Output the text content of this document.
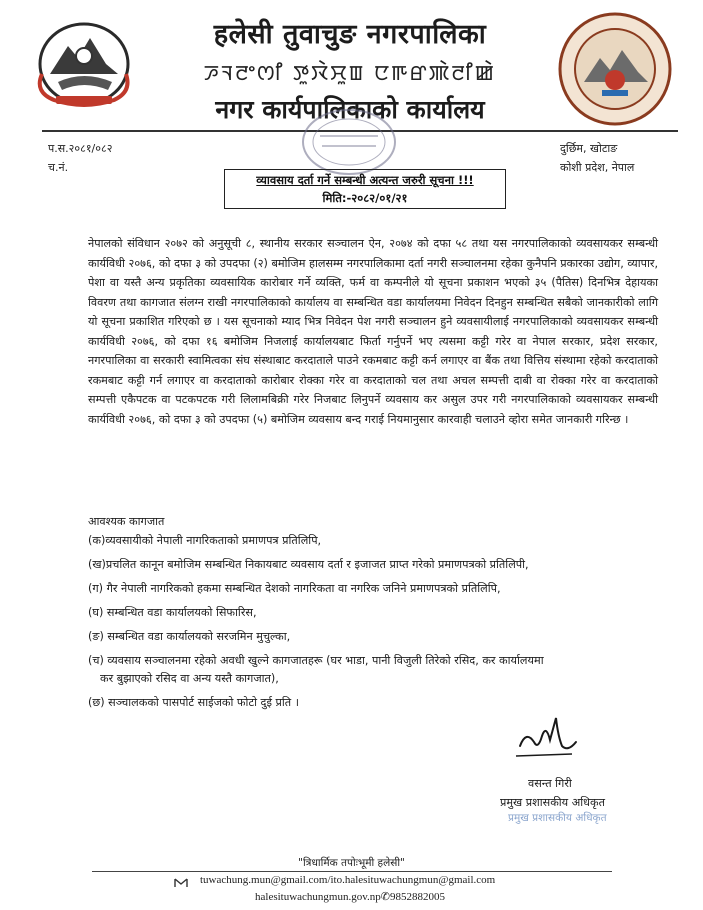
हलेसी तुवाचुङ नगरपालिका
ꯍꯜꯂꯦꯁꯤ ꯇꯨꯋꯥꯆꯨꯡ ꯅꯒꯔꯄꯥꯂꯤꯀꯥ
नगर कार्यपालिकाको कार्यालय
प.स.२०८१/०८२
च.नं.
दुर्छिम, खोटाङ
कोशी प्रदेश, नेपाल
व्यावसाय दर्ता गर्ने सम्बन्धी अत्यन्त जरुरी सूचना !!!
मिति:-२०८२/०१/२१
नेपालको संविधान २०७२ को अनुसूची ८, स्थानीय सरकार सञ्चालन ऐन, २०७४ को दफा ५८ तथा यस नगरपालिकाको व्यवसायकर सम्बन्धी कार्यविधी २०७६, को दफा ३ को उपदफा (२) बमोजिम हालसम्म नगरपालिकामा दर्ता नगरी सञ्चालनमा रहेका कुनैपनि प्रकारका उद्योग, व्यापार, पेशा वा यस्तै अन्य प्रकृतिका व्यवसायिक कारोबार गर्ने व्यक्ति, फर्म वा कम्पनीले यो सूचना प्रकाशन भएको ३५ (पैतिस) दिनभित्र देहायका विवरण तथा कागजात संलग्न राखी नगरपालिकाको कार्यालय वा सम्बन्धित वडा कार्यालयमा निवेदन दिनहुन सम्बन्धित सबैको जानकारीको लागि यो सूचना प्रकाशित गरिएको छ । यस सूचनाको म्याद भित्र निवेदन पेश नगरी सञ्चालन हुने व्यवसायीलाई नगरपालिकाको व्यवसायकर सम्बन्धी कार्यविधी २०७६, को दफा १६ बमोजिम निजलाई कार्यालयबाट फिर्ता गर्नुपर्ने भए त्यसमा कट्टी गरेर वा नेपाल सरकार, प्रदेश सरकार, नगरपालिका वा सरकारी स्वामित्वका संघ संस्थाबाट करदाताले पाउने रकमबाट कट्टी कर्न लगाएर वा बैंक तथा वित्तिय संस्थामा रहेको करदाताको रकमबाट कट्टी गर्न लगाएर वा करदाताको कारोबार रोक्का गरेर वा करदाताको चल तथा अचल सम्पत्ती दाबी वा रोक्का गरेर वा करदाताको सम्पत्ती एकैपटक वा पटकपटक गरी लिलामबिक्री गरेर निजबाट लिनुपर्ने व्यवसाय कर असुल उपर गरी नगरपालिकाको व्यवसायकर सम्बन्धी कार्यविधी २०७६, को दफा ३ को उपदफा (५) बमोजिम व्यवसाय बन्द गराई नियमानुसार कारवाही चलाउने व्होरा समेत जानकारी गरिन्छ ।
आवश्यक कागजात
(क)व्यवसायीको नेपाली नागरिकताको प्रमाणपत्र प्रतिलिपि,
(ख)प्रचलित कानून बमोजिम सम्बन्धित निकायबाट व्यवसाय दर्ता र इजाजत प्राप्त गरेको प्रमाणपत्रको प्रतिलिपी,
(ग) गैर नेपाली नागरिकको हकमा सम्बन्धित देशको नागरिकता वा नगरिक जनिने प्रमाणपत्रको प्रतिलिपि,
(घ) सम्बन्धित वडा कार्यालयको सिफारिस,
(ङ) सम्बन्धित वडा कार्यालयको सरजमिन मुचुल्का,
(च) व्यवसाय सञ्चालनमा रहेको अवधी खुल्ने कागजातहरू (घर भाडा, पानी विजुली तिरेको रसिद, कर कार्यालयमा
कर बुझाएको रसिद वा अन्य यस्तै कागजात),
(छ) सञ्चालकको पासपोर्ट साईजको फोटो दुई प्रति ।
वसन्त गिरी
प्रमुख प्रशासकीय अधिकृत
प्रमुख प्रशासकीय अधिकृत
"त्रिधार्मिक तपोःभूमी हलेसी"
tuwachung.mun@gmail.com/ito.halesituwachungmun@gmail.com
halesituwachungmun.gov.np✆9852882005
